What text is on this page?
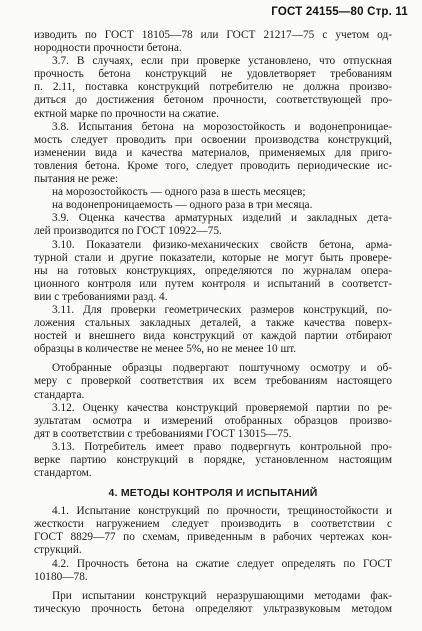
ГОСТ 24155—80 Стр. 11
изводить по ГОСТ 18105—78 или ГОСТ 21217—75 с учетом од-
нородности прочности бетона.
3.7. В случаях, если при проверке установлено, что отпускная
прочность бетона конструкций не удовлетворяет требованиям
п. 2.11, поставка конструкций потребителю не должна произво-
диться до достижения бетоном прочности, соответствующей про-
ектной марке по прочности на сжатие.
3.8. Испытания бетона на морозостойкость и водонепроницае-
мость следует проводить при освоении производства конструкций,
изменении вида и качества материалов, применяемых для приго-
товления бетона. Кроме того, следует проводить периодические ис-
пытания не реже:
на морозостойкость — одного раза в шесть месяцев;
на водонепроницаемость — одного раза в три месяца.
3.9. Оценка качества арматурных изделий и закладных дета-
лей производится по ГОСТ 10922—75.
3.10. Показатели физико-механических свойств бетона, арма-
турной стали и другие показатели, которые не могут быть провере-
ны на готовых конструкциях, определяются по журналам опера-
ционного контроля или путем контроля и испытаний в соответст-
вии с требованиями разд. 4.
3.11. Для проверки геометрических размеров конструкций, по-
ложения стальных закладных деталей, а также качества поверх-
ностей и внешнего вида конструкций от каждой партии отбирают
образцы в количестве не менее 5%, но не менее 10 шт.
Отобранные образцы подвергают поштучному осмотру и об-
меру с проверкой соответствия их всем требованиям настоящего
стандарта.
3.12. Оценку качества конструкций проверяемой партии по ре-
зультатам осмотра и измерений отобранных образцов произво-
дят в соответствии с требованиями ГОСТ 13015—75.
3.13. Потребитель имеет право подвергнуть контрольной про-
верке партию конструкций в порядке, установленном настоящим
стандартом.
4. МЕТОДЫ КОНТРОЛЯ И ИСПЫТАНИЙ
4.1. Испытание конструкций по прочности, трещиностойкости и
жесткости нагружением следует производить в соответствии с
ГОСТ 8829—77 по схемам, приведенным в рабочих чертежах кон-
струкций.
4.2. Прочность бетона на сжатие следует определять по ГОСТ
10180—78.
При испытании конструкций неразрушающими методами фак-
тическую прочность бетона определяют ультразвуковым методом
